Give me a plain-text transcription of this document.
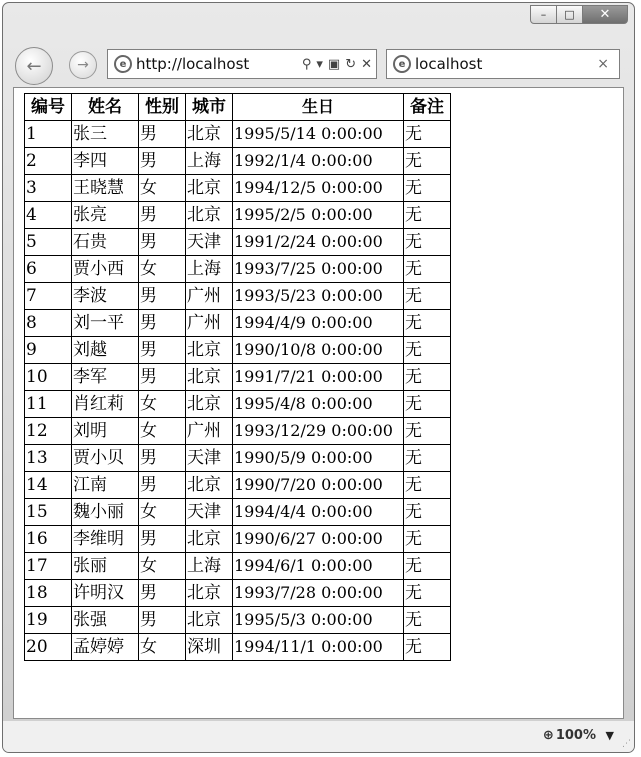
–	□	✕
←	→	e http://localhost	⚲ ▾ ▣ ↻ ✕	e localhost	×
编号	姓名	性别	城市	生日	备注
1	张三	男	北京	1995/5/14 0:00:00	无
2	李四	男	上海	1992/1/4 0:00:00	无
3	王晓慧	女	北京	1994/12/5 0:00:00	无
4	张亮	男	北京	1995/2/5 0:00:00	无
5	石贵	男	天津	1991/2/24 0:00:00	无
6	贾小西	女	上海	1993/7/25 0:00:00	无
7	李波	男	广州	1993/5/23 0:00:00	无
8	刘一平	男	广州	1994/4/9 0:00:00	无
9	刘越	男	北京	1990/10/8 0:00:00	无
10	李军	男	北京	1991/7/21 0:00:00	无
11	肖红莉	女	北京	1995/4/8 0:00:00	无
12	刘明	女	广州	1993/12/29 0:00:00	无
13	贾小贝	男	天津	1990/5/9 0:00:00	无
14	江南	男	北京	1990/7/20 0:00:00	无
15	魏小丽	女	天津	1994/4/4 0:00:00	无
16	李维明	男	北京	1990/6/27 0:00:00	无
17	张丽	女	上海	1994/6/1 0:00:00	无
18	许明汉	男	北京	1993/7/28 0:00:00	无
19	张强	男	北京	1995/5/3 0:00:00	无
20	孟婷婷	女	深圳	1994/11/1 0:00:00	无
⊕ 100% ▼
⋰
